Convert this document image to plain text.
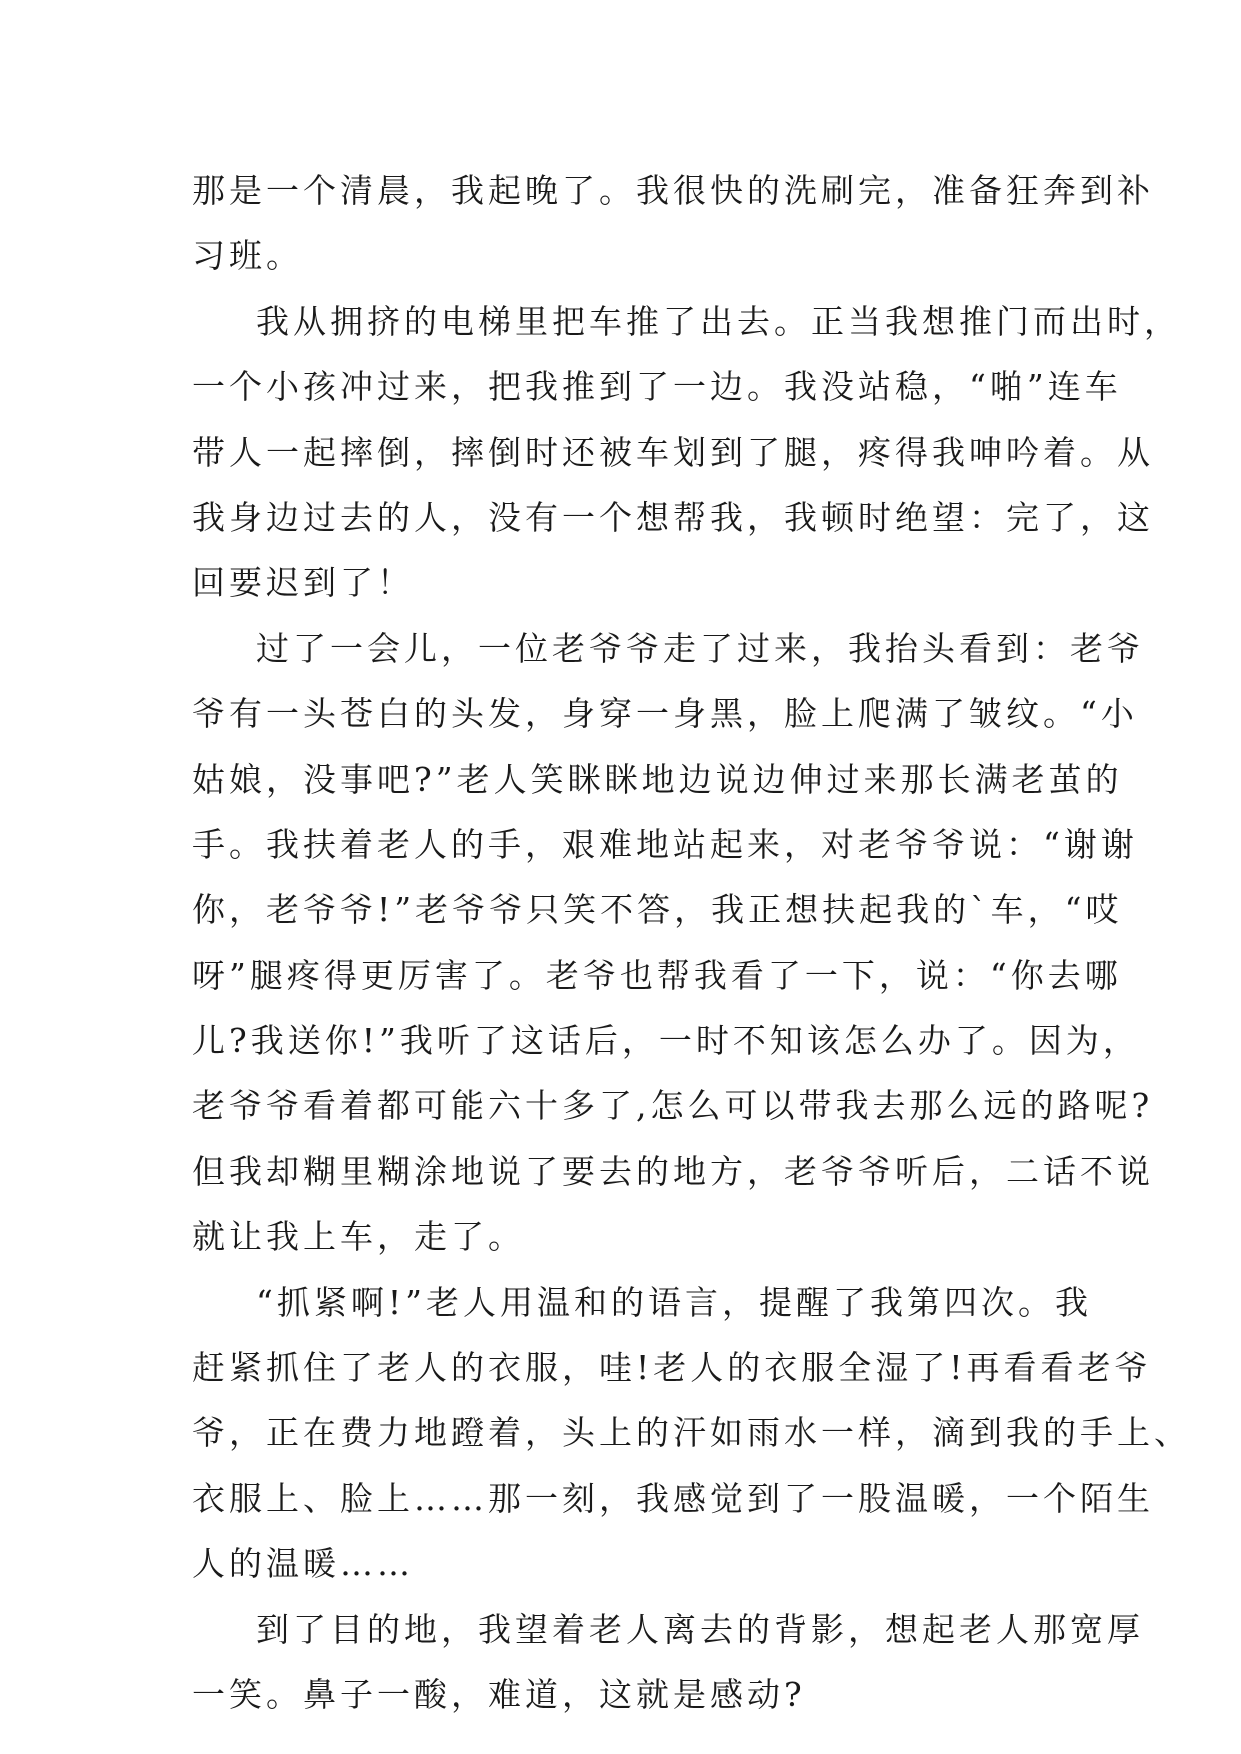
那是一个清晨，我起晚了。我很快的洗刷完，准备狂奔到补
习班。
我从拥挤的电梯里把车推了出去。正当我想推门而出时，
一个小孩冲过来，把我推到了一边。我没站稳，“啪”连车
带人一起摔倒，摔倒时还被车划到了腿，疼得我呻吟着。从
我身边过去的人，没有一个想帮我，我顿时绝望：完了，这
回要迟到了！
过了一会儿，一位老爷爷走了过来，我抬头看到：老爷
爷有一头苍白的头发，身穿一身黑，脸上爬满了皱纹。“小
姑娘，没事吧?”老人笑眯眯地边说边伸过来那长满老茧的
手。我扶着老人的手，艰难地站起来，对老爷爷说：“谢谢
你，老爷爷!”老爷爷只笑不答，我正想扶起我的`车，“哎
呀”腿疼得更厉害了。老爷也帮我看了一下，说：“你去哪
儿?我送你!”我听了这话后，一时不知该怎么办了。因为，
老爷爷看着都可能六十多了,怎么可以带我去那么远的路呢?
但我却糊里糊涂地说了要去的地方，老爷爷听后，二话不说
就让我上车，走了。
“抓紧啊!”老人用温和的语言，提醒了我第四次。我
赶紧抓住了老人的衣服，哇!老人的衣服全湿了!再看看老爷
爷，正在费力地蹬着，头上的汗如雨水一样，滴到我的手上、
衣服上、脸上……那一刻，我感觉到了一股温暖，一个陌生
人的温暖……
到了目的地，我望着老人离去的背影，想起老人那宽厚
一笑。鼻子一酸，难道，这就是感动?
